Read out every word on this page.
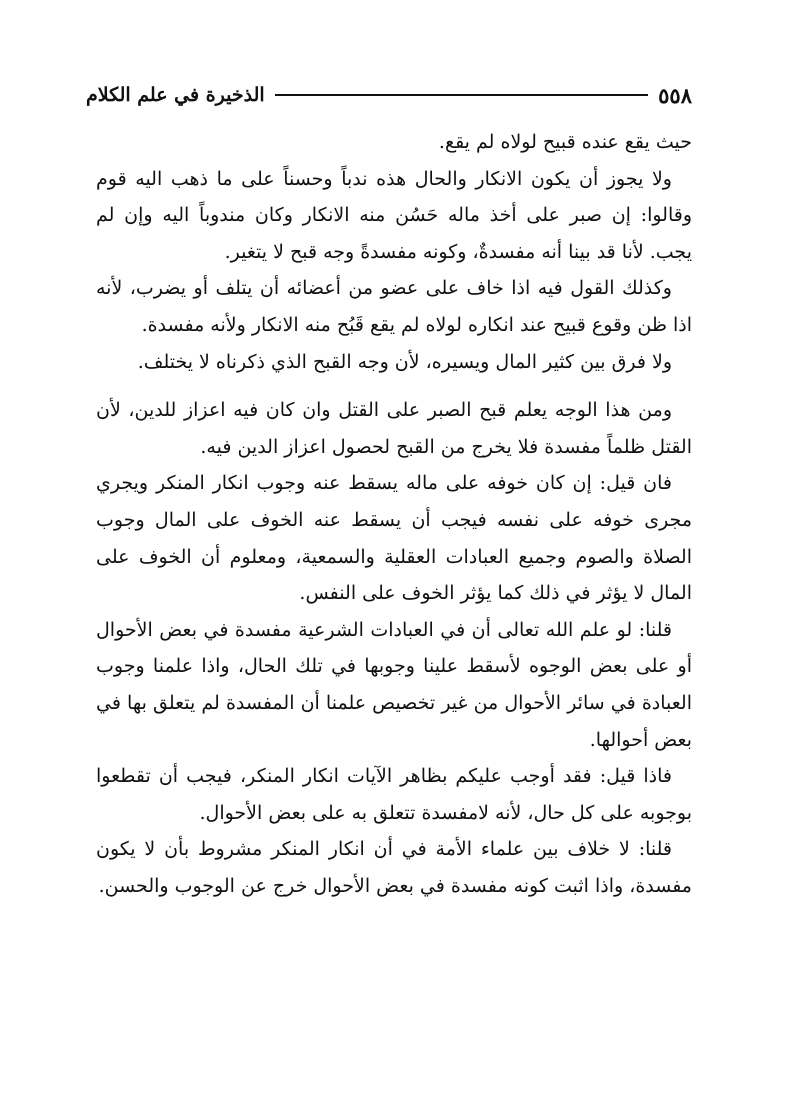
٥٥٨
الذخيرة في علم الكلام

حيث يقع عنده قبيح لولاه لم يقع.

ولا يجوز أن يكون الانكار والحال هذه ندباً وحسناً على ما ذهب اليه قوم وقالوا: إن صبر على أخذ ماله حَسُن منه الانكار وكان مندوباً اليه وإن لم يجب. لأنا قد بينا أنه مفسدةٌ، وكونه مفسدةً وجه قبح لا يتغير.

وكذلك القول فيه اذا خاف على عضو من أعضائه أن يتلف أو يضرب، لأنه اذا ظن وقوع قبيح عند انكاره لولاه لم يقع قَبُح منه الانكار ولأنه مفسدة.

ولا فرق بين كثير المال ويسيره، لأن وجه القبح الذي ذكرناه لا يختلف.

ومن هذا الوجه يعلم قبح الصبر على القتل وان كان فيه اعزاز للدين، لأن القتل ظلماً مفسدة فلا يخرج من القبح لحصول اعزاز الدين فيه.

فان قيل: إن كان خوفه على ماله يسقط عنه وجوب انكار المنكر ويجري مجرى خوفه على نفسه فيجب أن يسقط عنه الخوف على المال وجوب الصلاة والصوم وجميع العبادات العقلية والسمعية، ومعلوم أن الخوف على المال لا يؤثر في ذلك كما يؤثر الخوف على النفس.

قلنا: لو علم الله تعالى أن في العبادات الشرعية مفسدة في بعض الأحوال أو على بعض الوجوه لأسقط علينا وجوبها في تلك الحال، واذا علمنا وجوب العبادة في سائر الأحوال من غير تخصيص علمنا أن المفسدة لم يتعلق بها في بعض أحوالها.

فاذا قيل: فقد أوجب عليكم بظاهر الآيات انكار المنكر، فيجب أن تقطعوا بوجوبه على كل حال، لأنه لامفسدة تتعلق به على بعض الأحوال.

قلنا: لا خلاف بين علماء الأمة في أن انكار المنكر مشروط بأن لا يكون مفسدة، واذا اثبت كونه مفسدة في بعض الأحوال خرج عن الوجوب والحسن.
